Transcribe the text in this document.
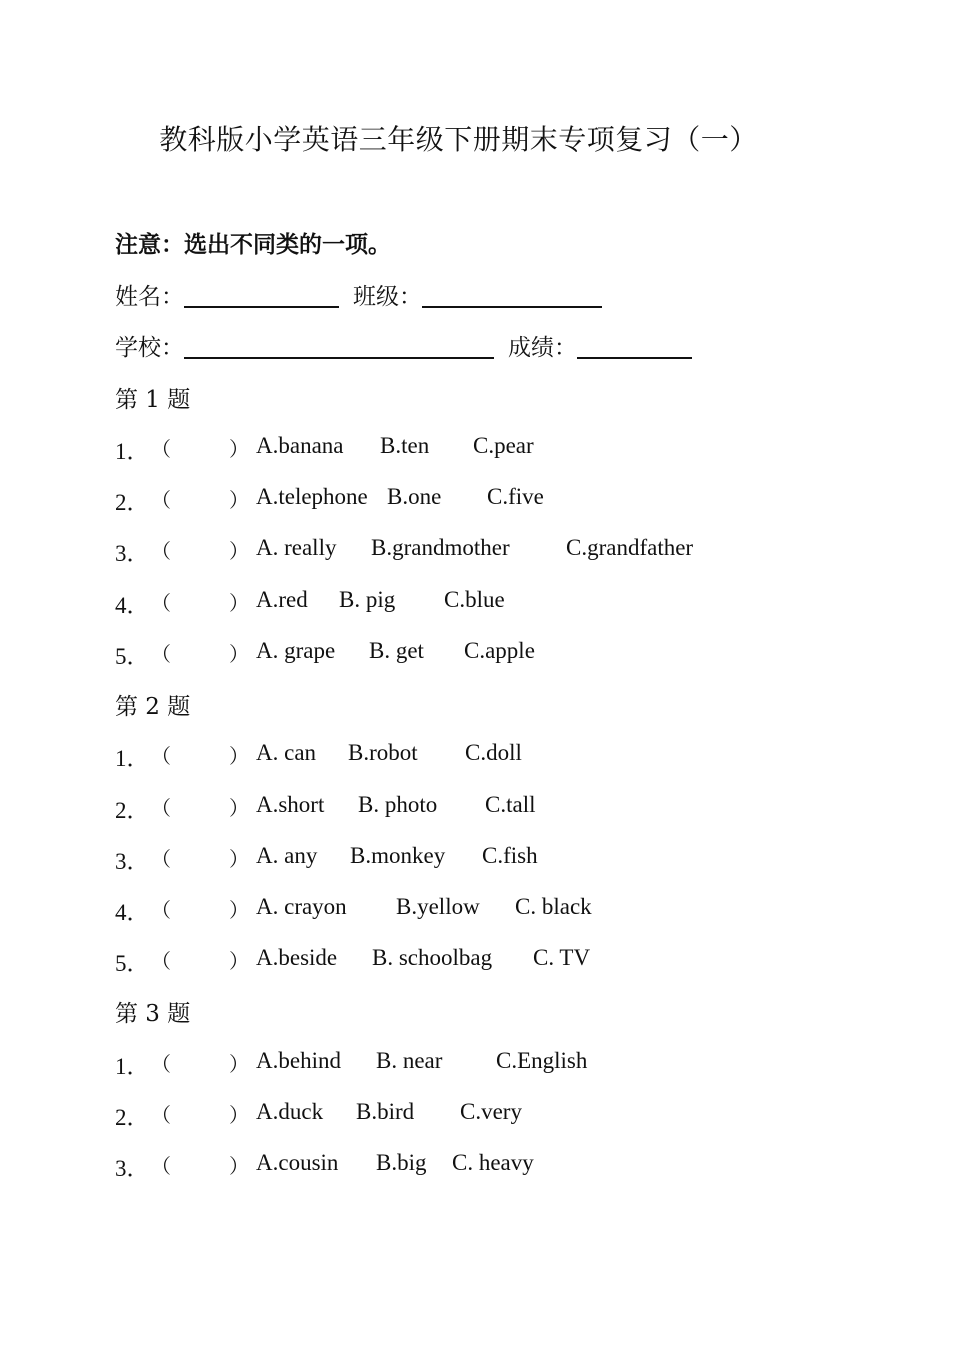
教科版小学英语三年级下册期末专项复习（一）
注意：选出不同类的一项。
姓名：	班级：
学校：	成绩：
第 1 题
1． （	） A.banana B.ten C.pear
2． （	） A.telephone B.one C.five
3． （	） A. really B.grandmother C.grandfather
4． （	） A.red B. pig C.blue
5． （	） A. grape B. get C.apple
第 2 题
1． （	） A. can B.robot C.doll
2． （	） A.short B. photo C.tall
3． （	） A. any B.monkey C.fish
4． （	） A. crayon B.yellow C. black
5． （	） A.beside B. schoolbag C. TV
第 3 题
1． （	） A.behind B. near C.English
2． （	） A.duck B.bird C.very
3． （	） A.cousin B.big C. heavy
